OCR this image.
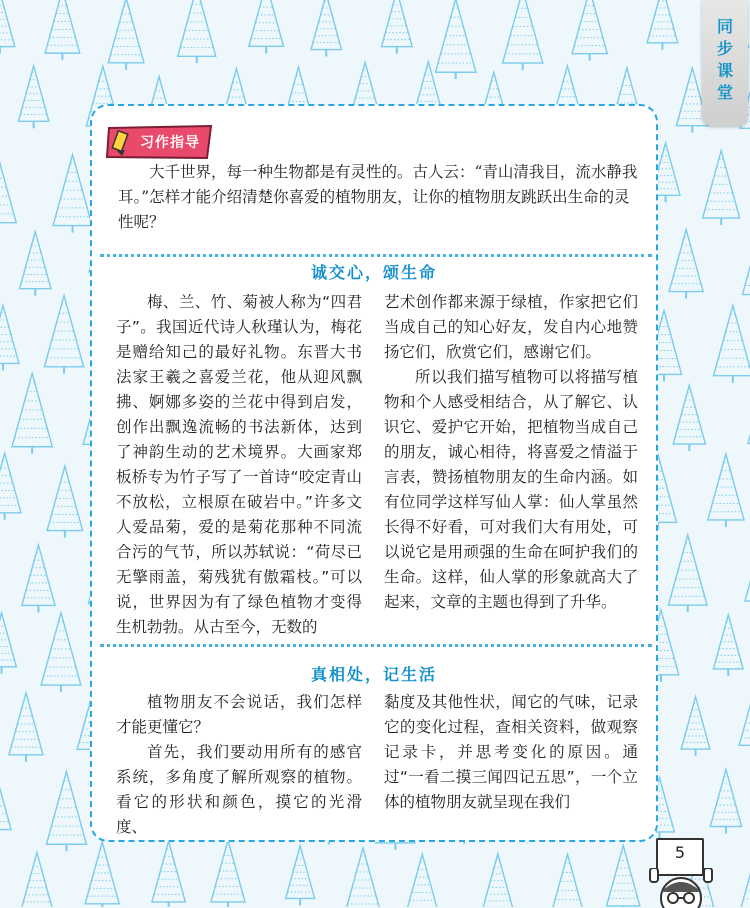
同步课堂
习作指导
大千世界，每一种生物都是有灵性的。古人云：“青山清我目，流水静我耳。”怎样才能介绍清楚你喜爱的植物朋友，让你的植物朋友跳跃出生命的灵性呢？
诚交心，颂生命

梅、兰、竹、菊被人称为“四君子”。我国近代诗人秋瑾认为，梅花是赠给知己的最好礼物。东晋大书法家王羲之喜爱兰花，他从迎风飘拂、婀娜多姿的兰花中得到启发，创作出飘逸流畅的书法新体，达到了神韵生动的艺术境界。大画家郑板桥专为竹子写了一首诗“咬定青山不放松，立根原在破岩中。”许多文人爱品菊，爱的是菊花那种不同流合污的气节，所以苏轼说：“荷尽已无擎雨盖，菊残犹有傲霜枝。”可以说，世界因为有了绿色植物才变得生机勃勃。从古至今，无数的

艺术创作都来源于绿植，作家把它们当成自己的知心好友，发自内心地赞扬它们，欣赏它们，感谢它们。

所以我们描写植物可以将描写植物和个人感受相结合，从了解它、认识它、爱护它开始，把植物当成自己的朋友，诚心相待，将喜爱之情溢于言表，赞扬植物朋友的生命内涵。如有位同学这样写仙人掌：仙人掌虽然长得不好看，可对我们大有用处，可以说它是用顽强的生命在呵护我们的生命。这样，仙人掌的形象就高大了起来，文章的主题也得到了升华。

真相处，记生活

植物朋友不会说话，我们怎样才能更懂它？

首先，我们要动用所有的感官系统，多角度了解所观察的植物。看它的形状和颜色，摸它的光滑度、

黏度及其他性状，闻它的气味，记录它的变化过程，查相关资料，做观察记录卡，并思考变化的原因。通过“一看二摸三闻四记五思”，一个立体的植物朋友就呈现在我们

5
